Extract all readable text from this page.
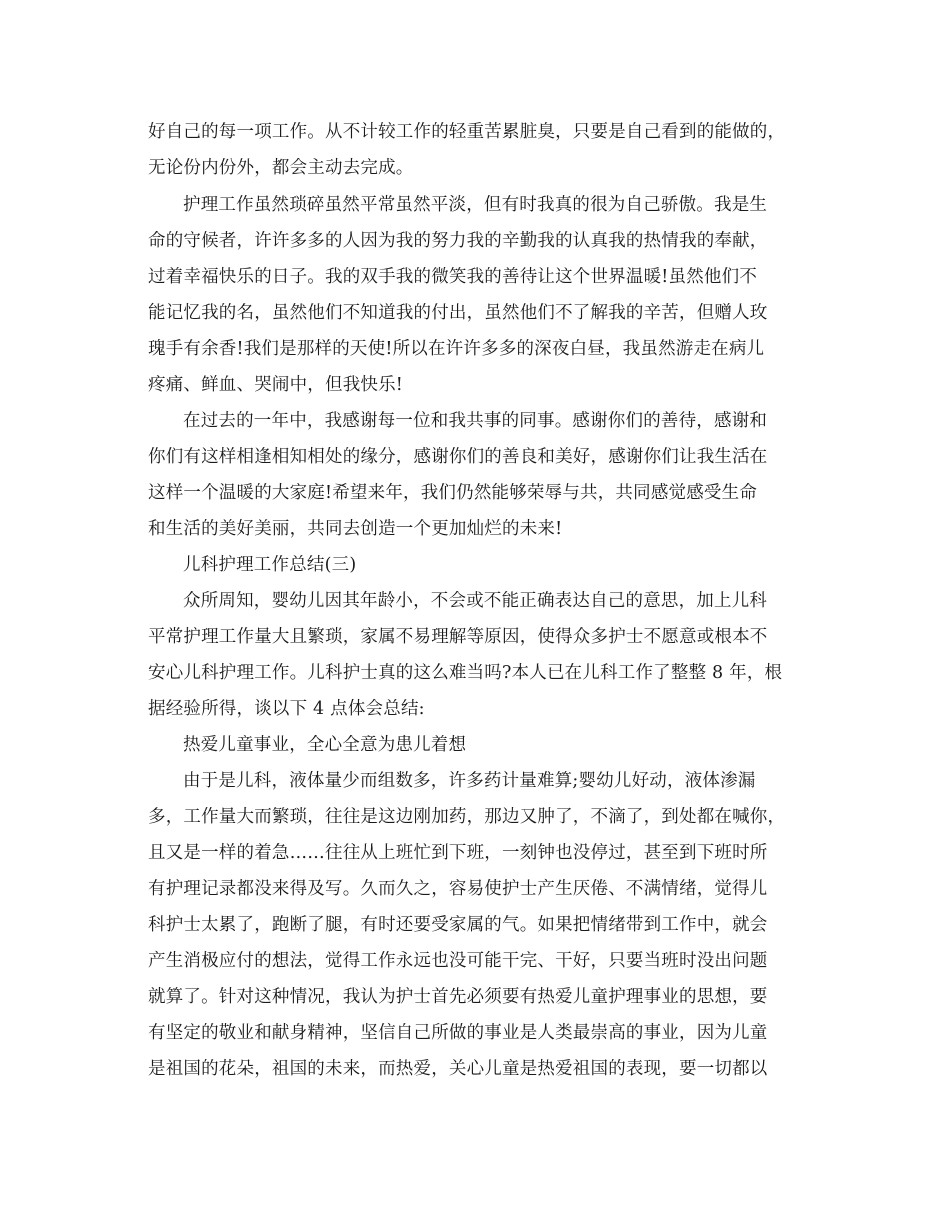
好自己的每一项工作。从不计较工作的轻重苦累脏臭，只要是自己看到的能做的，
无论份内份外，都会主动去完成。
护理工作虽然琐碎虽然平常虽然平淡，但有时我真的很为自己骄傲。我是生
命的守候者，许许多多的人因为我的努力我的辛勤我的认真我的热情我的奉献，
过着幸福快乐的日子。我的双手我的微笑我的善待让这个世界温暖!虽然他们不
能记忆我的名，虽然他们不知道我的付出，虽然他们不了解我的辛苦，但赠人玫
瑰手有余香!我们是那样的天使!所以在许许多多的深夜白昼，我虽然游走在病儿
疼痛、鲜血、哭闹中，但我快乐!
在过去的一年中，我感谢每一位和我共事的同事。感谢你们的善待，感谢和
你们有这样相逢相知相处的缘分，感谢你们的善良和美好，感谢你们让我生活在
这样一个温暖的大家庭!希望来年，我们仍然能够荣辱与共，共同感觉感受生命
和生活的美好美丽，共同去创造一个更加灿烂的未来!
儿科护理工作总结(三)
众所周知，婴幼儿因其年龄小，不会或不能正确表达自己的意思，加上儿科
平常护理工作量大且繁琐，家属不易理解等原因，使得众多护士不愿意或根本不
安心儿科护理工作。儿科护士真的这么难当吗?本人已在儿科工作了整整 8 年，根
据经验所得，谈以下 4 点体会总结:
热爱儿童事业，全心全意为患儿着想
由于是儿科，液体量少而组数多，许多药计量难算;婴幼儿好动，液体渗漏
多，工作量大而繁琐，往往是这边刚加药，那边又肿了，不滴了，到处都在喊你，
且又是一样的着急……往往从上班忙到下班，一刻钟也没停过，甚至到下班时所
有护理记录都没来得及写。久而久之，容易使护士产生厌倦、不满情绪，觉得儿
科护士太累了，跑断了腿，有时还要受家属的气。如果把情绪带到工作中，就会
产生消极应付的想法，觉得工作永远也没可能干完、干好，只要当班时没出问题
就算了。针对这种情况，我认为护士首先必须要有热爱儿童护理事业的思想，要
有坚定的敬业和献身精神，坚信自己所做的事业是人类最崇高的事业，因为儿童
是祖国的花朵，祖国的未来，而热爱，关心儿童是热爱祖国的表现，要一切都以
